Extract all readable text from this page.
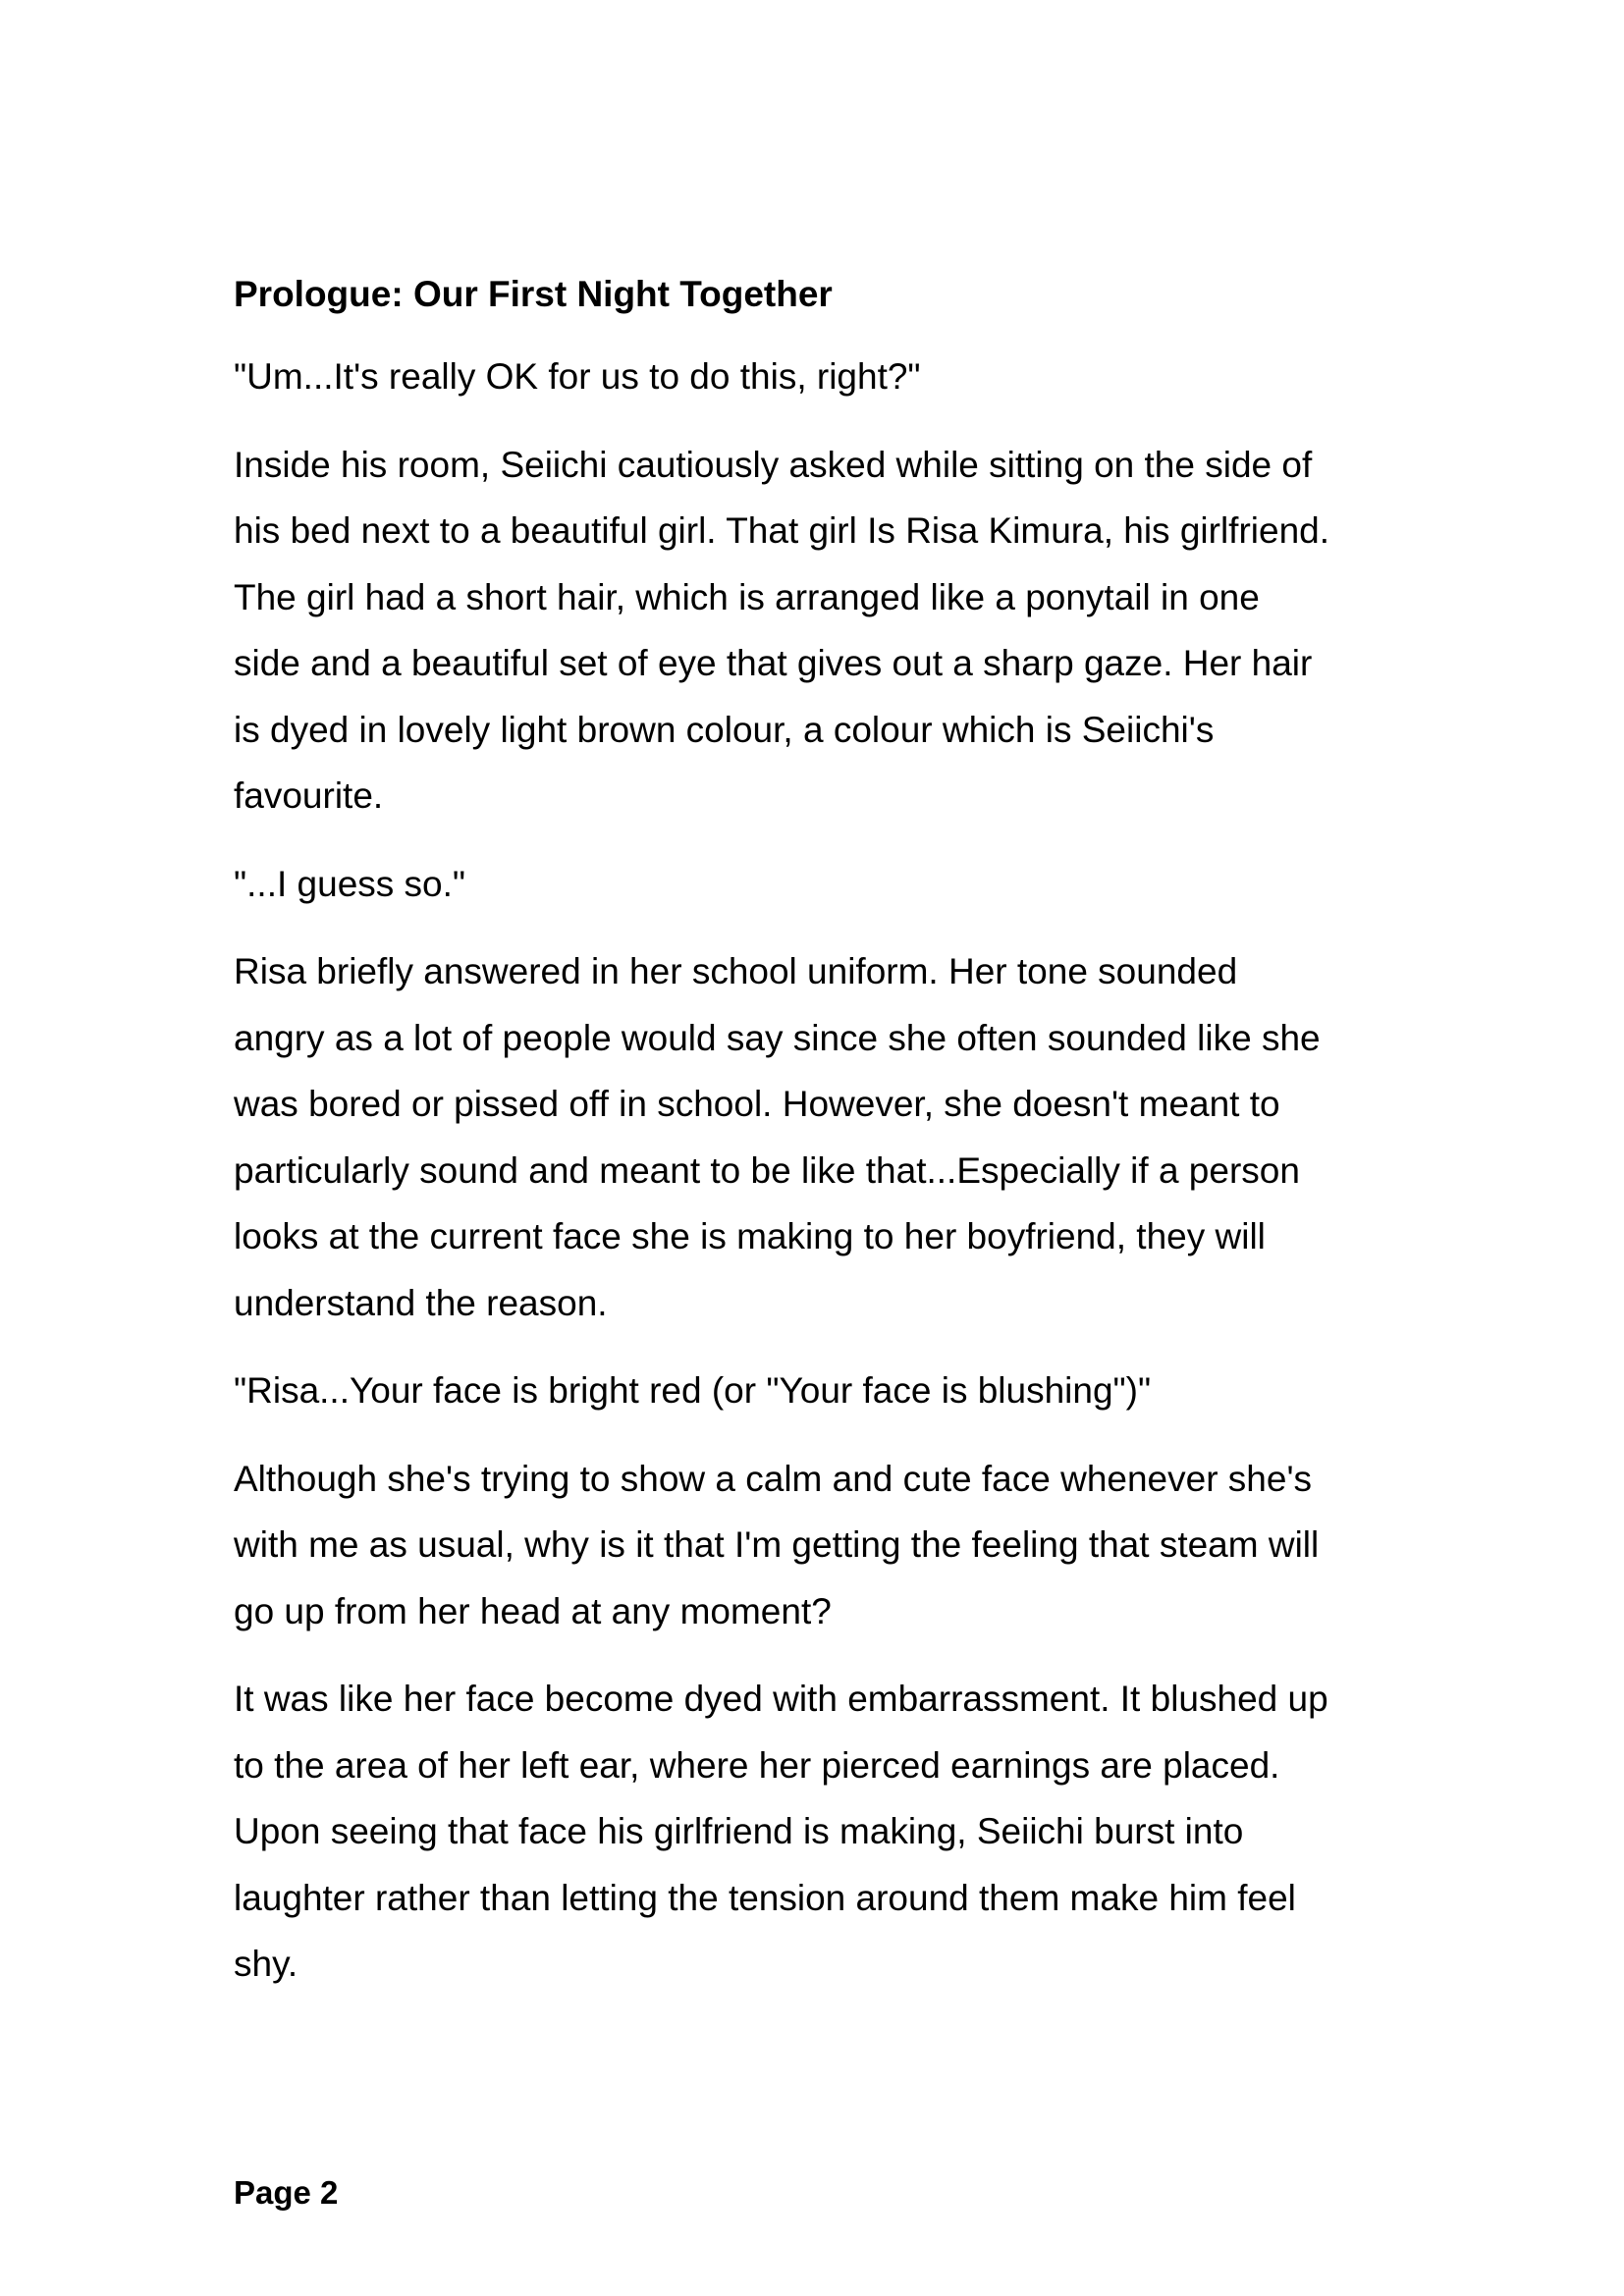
Prologue: Our First Night Together
"Um...It's really OK for us to do this, right?"
Inside his room, Seiichi cautiously asked while sitting on the side of
his bed next to a beautiful girl. That girl Is Risa Kimura, his girlfriend.
The girl had a short hair, which is arranged like a ponytail in one
side and a beautiful set of eye that gives out a sharp gaze. Her hair
is dyed in lovely light brown colour, a colour which is Seiichi's
favourite.
"...I guess so."
Risa briefly answered in her school uniform. Her tone sounded
angry as a lot of people would say since she often sounded like she
was bored or pissed off in school. However, she doesn't meant to
particularly sound and meant to be like that...Especially if a person
looks at the current face she is making to her boyfriend, they will
understand the reason.
"Risa...Your face is bright red (or "Your face is blushing")"
Although she's trying to show a calm and cute face whenever she's
with me as usual, why is it that I'm getting the feeling that steam will
go up from her head at any moment?
It was like her face become dyed with embarrassment. It blushed up
to the area of her left ear, where her pierced earnings are placed.
Upon seeing that face his girlfriend is making, Seiichi burst into
laughter rather than letting the tension around them make him feel
shy.
Page 2
